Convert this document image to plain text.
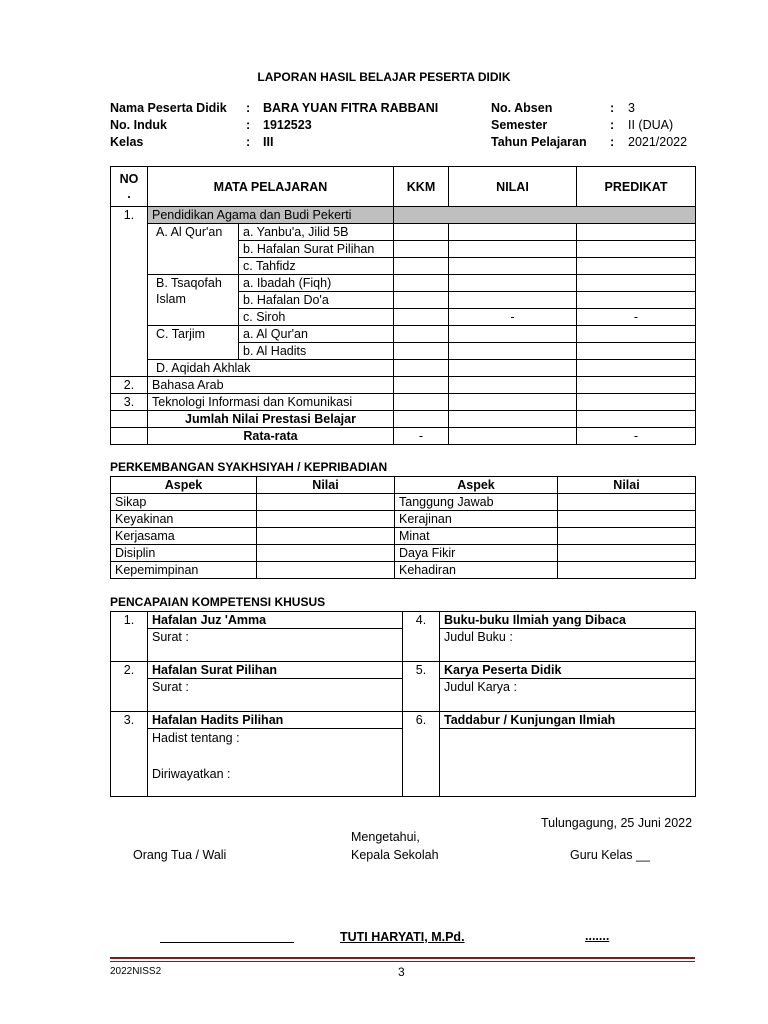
LAPORAN HASIL BELAJAR PESERTA DIDIK
Nama Peserta Didik	:	BARA YUAN FITRA RABBANI	No. Absen	:	3
No. Induk	:	1912523	Semester	:	II (DUA)
Kelas	:	III	Tahun Pelajaran	:	2021/2022
NO .	MATA PELAJARAN		KKM	NILAI	PREDIKAT
1.	Pendidikan Agama dan Budi Pekerti				
	A. Al Qur'an	a. Yanbu'a, Jilid 5B			
		b. Hafalan Surat Pilihan			
		c. Tahfidz			

	B. Tsaqofah Islam	a. Ibadah (Fiqh)			
		b. Hafalan Do'a			
		c. Siroh		-	-
	C. Tarjim	a. Al Qur'an			
		b. Al Hadits			
	D. Aqidah Akhlak				
2.	Bahasa Arab				
3.	Teknologi Informasi dan Komunikasi				
	Jumlah Nilai Prestasi Belajar				
	Rata-rata		-		-
PERKEMBANGAN SYAKHSIYAH / KEPRIBADIAN
Aspek	Nilai	Aspek	Nilai
Sikap		Tanggung Jawab	
Keyakinan		Kerajinan	
Kerjasama		Minat	
Disiplin		Daya Fikir	
Kepemimpinan		Kehadiran	
PENCAPAIAN KOMPETENSI KHUSUS
1.	Hafalan Juz 'Amma	4.	Buku-buku Ilmiah yang Dibaca
	Surat :		Judul Buku :
2.	Hafalan Surat Pilihan	5.	Karya Peserta Didik
	Surat :		Judul Karya :
3.	Hafalan Hadits Pilihan	6.	Taddabur / Kunjungan Ilmiah

	Hadist tentang :
Diriwayatkan :		

Tulungagung, 25 Juni 2022
Mengetahui,
Orang Tua / Wali	Kepala Sekolah	Guru Kelas __
TUTI HARYATI, M.Pd.	.......
2022NISS2	3
